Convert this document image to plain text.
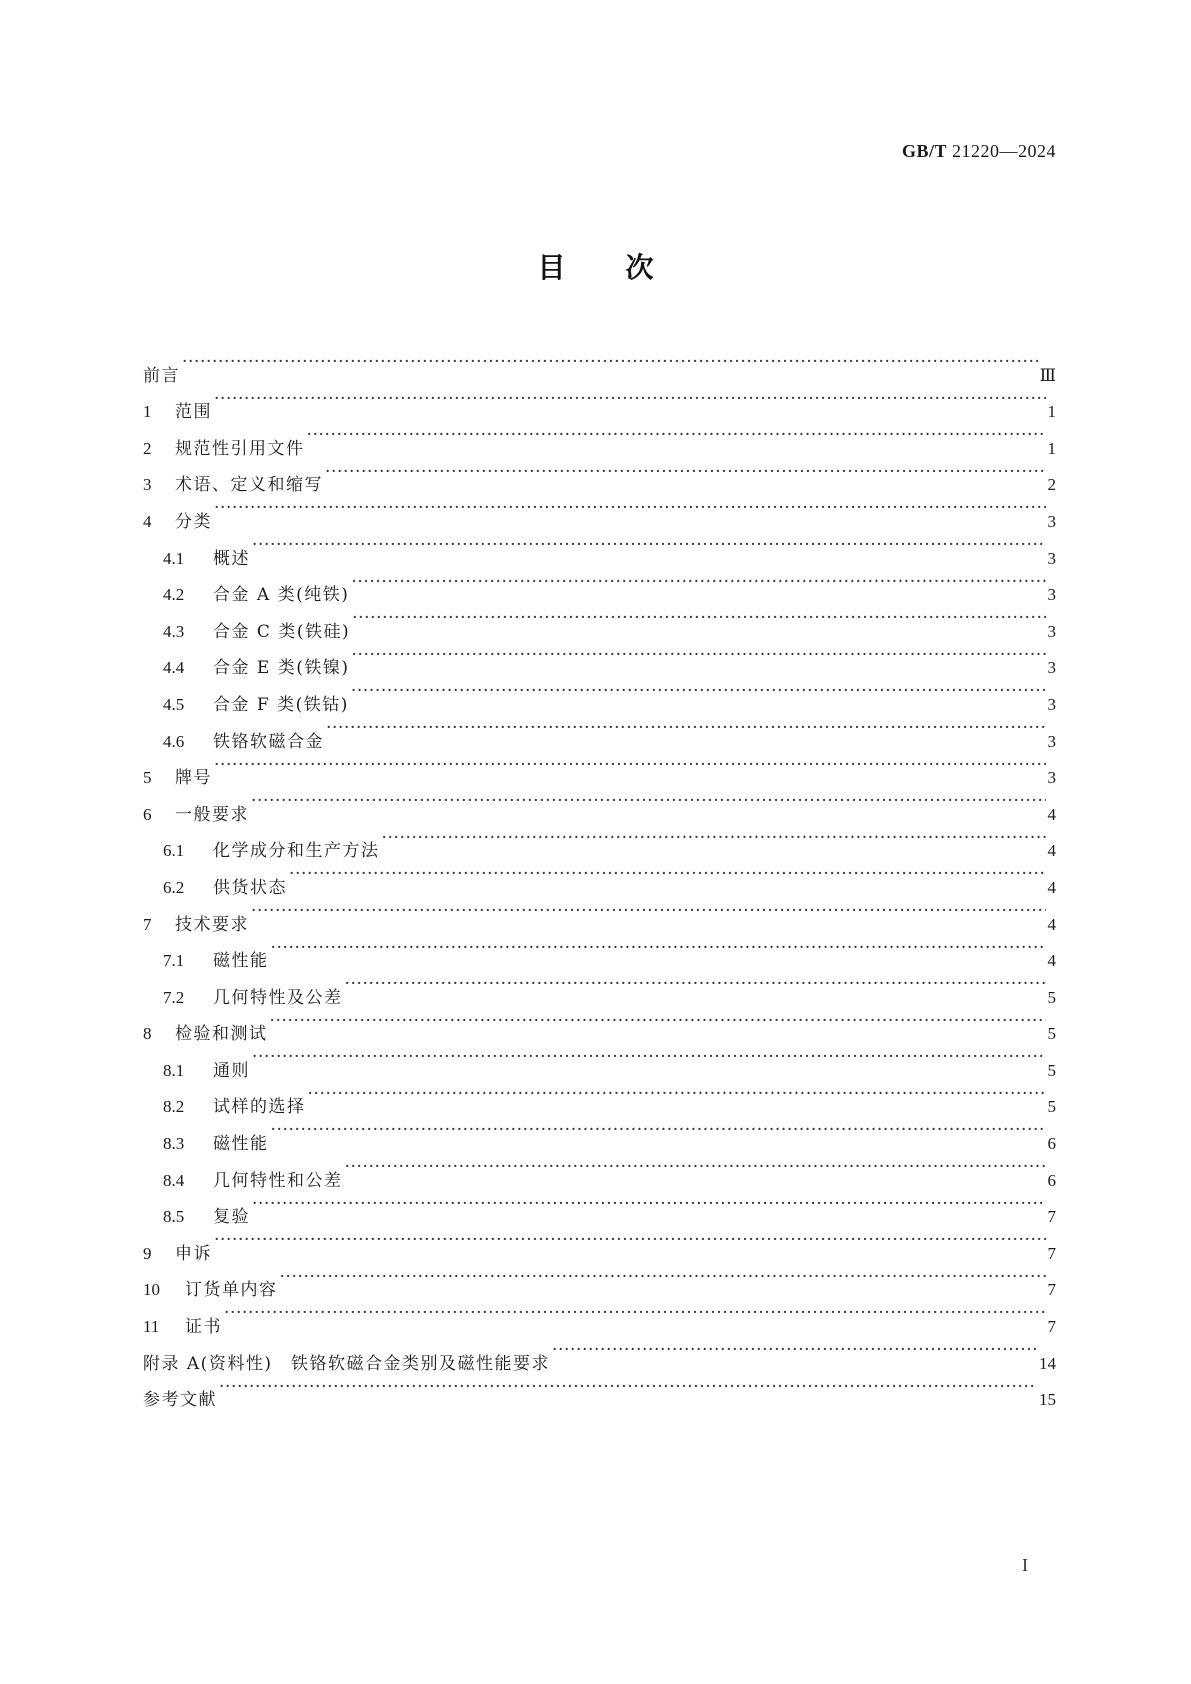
GB/T 21220—2024
目次
前言 ·····	Ⅲ
1	范围 ·····	1
2	规范性引用文件 ·····	1
3	术语、定义和缩写 ·····	2
4	分类 ·····	3
4.1	概述 ·····	3
4.2	合金 A 类(纯铁) ·····	3
4.3	合金 C 类(铁硅) ·····	3
4.4	合金 E 类(铁镍) ·····	3
4.5	合金 F 类(铁钴) ·····	3
4.6	铁铬软磁合金 ·····	3
5	牌号 ·····	3
6	一般要求 ·····	4
6.1	化学成分和生产方法 ·····	4
6.2	供货状态 ·····	4
7	技术要求 ·····	4
7.1	磁性能 ·····	4
7.2	几何特性及公差 ·····	5
8	检验和测试 ·····	5
8.1	通则 ·····	5
8.2	试样的选择 ·····	5
8.3	磁性能 ·····	6
8.4	几何特性和公差 ·····	6
8.5	复验 ·····	7
9	申诉 ·····	7
10	订货单内容 ·····	7
11	证书 ·····	7
附录 A(资料性)　铁铬软磁合金类别及磁性能要求 ·····	14
参考文献 ·····	15
I
